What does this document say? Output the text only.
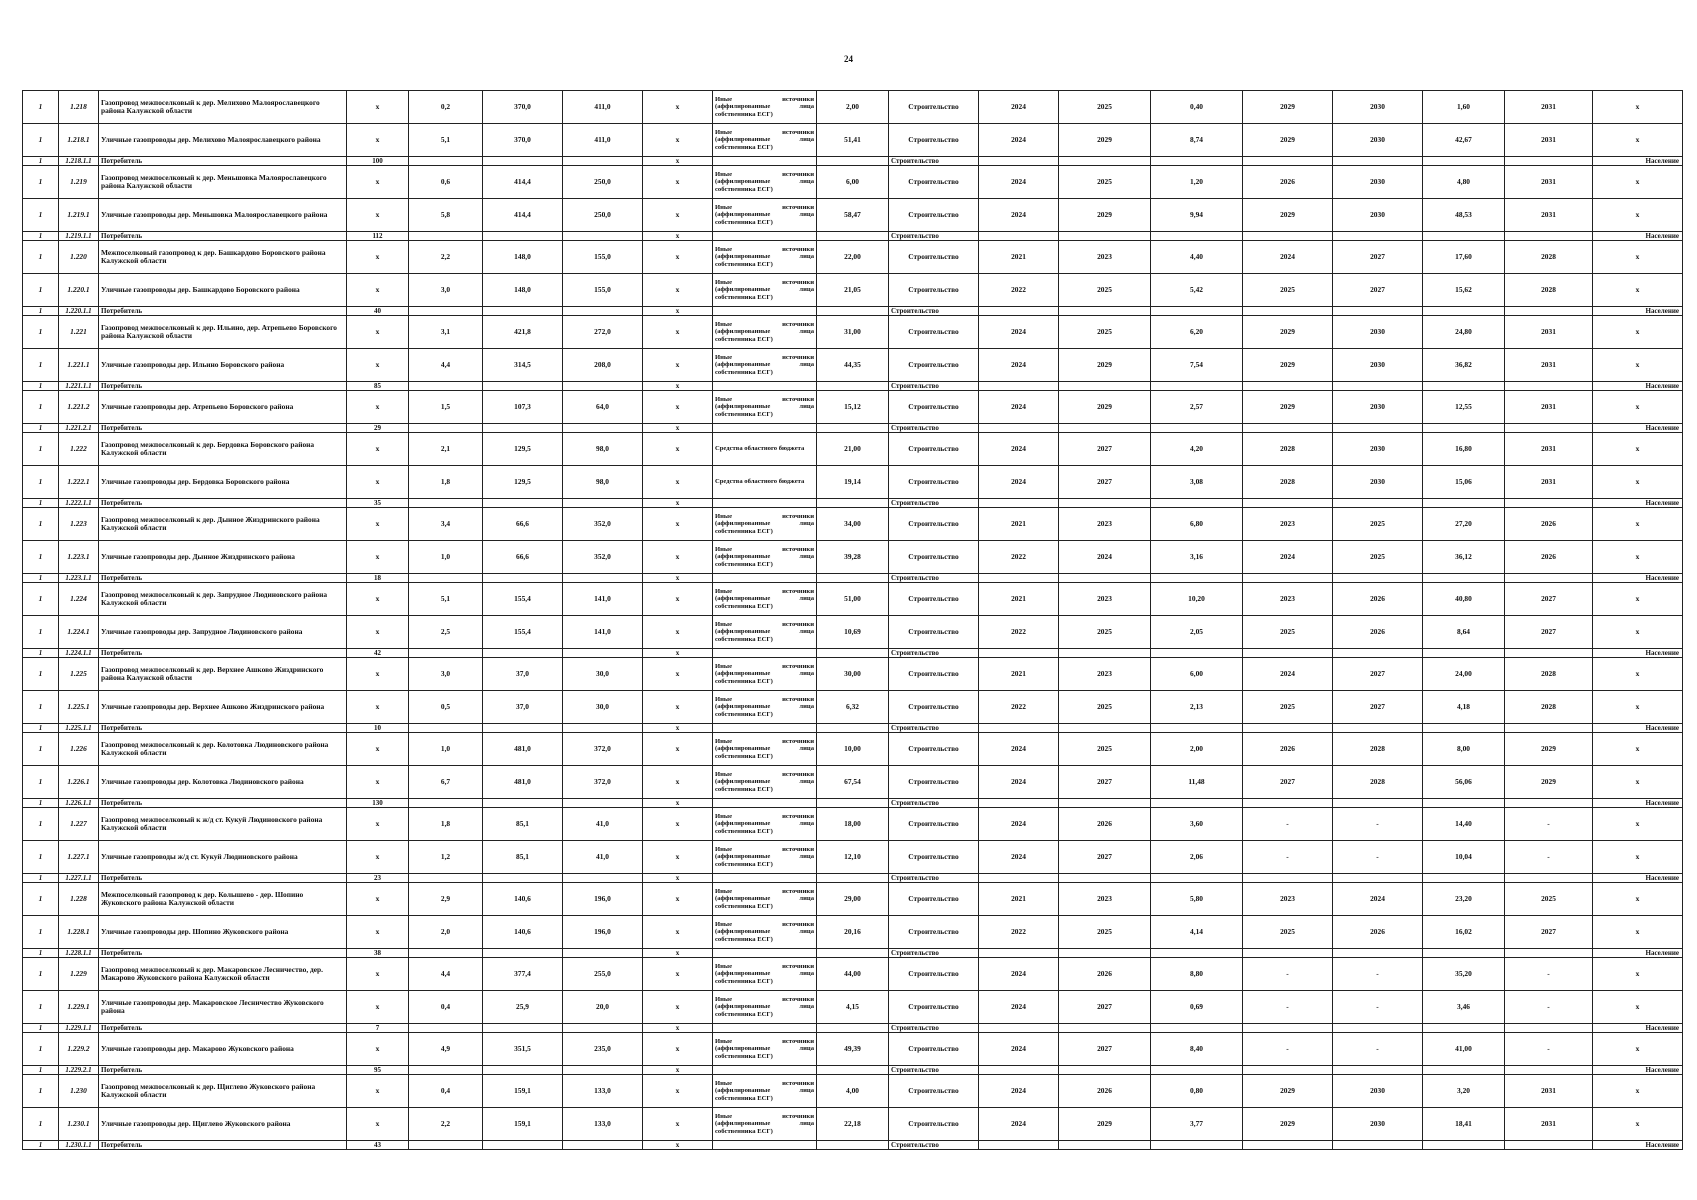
24
1	1.218	Газопровод межпоселковый к дер. Мелихово Малоярославецкого района Калужской области	x	0,2	370,0	411,0	x	Иные источники (аффилированные лица собственника ЕСГ)	2,00	Строительство	2024	2025	0,40	2029	2030	1,60	2031	x
1	1.218.1	Уличные газопроводы дер. Мелихово Малоярославецкого района	x	5,1	370,0	411,0	x	Иные источники (аффилированные лица собственника ЕСГ)	51,41	Строительство	2024	2029	8,74	2029	2030	42,67	2031	x
1	1.218.1.1	Потребитель	100				x			Строительство								Население
1	1.219	Газопровод межпоселковый к дер. Меньшовка Малоярославецкого района Калужской области	x	0,6	414,4	250,0	x	Иные источники (аффилированные лица собственника ЕСГ)	6,00	Строительство	2024	2025	1,20	2026	2030	4,80	2031	x
1	1.219.1	Уличные газопроводы дер. Меньшовка Малоярославецкого района	x	5,8	414,4	250,0	x	Иные источники (аффилированные лица собственника ЕСГ)	58,47	Строительство	2024	2029	9,94	2029	2030	48,53	2031	x
1	1.219.1.1	Потребитель	112				x			Строительство								Население
1	1.220	Межпоселковый газопровод к дер. Башкардово Боровского района Калужской области	x	2,2	148,0	155,0	x	Иные источники (аффилированные лица собственника ЕСГ)	22,00	Строительство	2021	2023	4,40	2024	2027	17,60	2028	x
1	1.220.1	Уличные газопроводы дер. Башкардово Боровского района	x	3,0	148,0	155,0	x	Иные источники (аффилированные лица собственника ЕСГ)	21,05	Строительство	2022	2025	5,42	2025	2027	15,62	2028	x
1	1.220.1.1	Потребитель	40				x			Строительство								Население
1	1.221	Газопровод межпоселковый к дер. Ильино, дер. Атрепьево Боровского района Калужской области	x	3,1	421,8	272,0	x	Иные источники (аффилированные лица собственника ЕСГ)	31,00	Строительство	2024	2025	6,20	2029	2030	24,80	2031	x
1	1.221.1	Уличные газопроводы дер. Ильино Боровского района	x	4,4	314,5	208,0	x	Иные источники (аффилированные лица собственника ЕСГ)	44,35	Строительство	2024	2029	7,54	2029	2030	36,82	2031	x
1	1.221.1.1	Потребитель	85				x			Строительство								Население
1	1.221.2	Уличные газопроводы дер. Атрепьево Боровского района	x	1,5	107,3	64,0	x	Иные источники (аффилированные лица собственника ЕСГ)	15,12	Строительство	2024	2029	2,57	2029	2030	12,55	2031	x
1	1.221.2.1	Потребитель	29				x			Строительство								Население
1	1.222	Газопровод межпоселковый к дер. Бердовка Боровского района Калужской области	x	2,1	129,5	98,0	x	Средства областного бюджета	21,00	Строительство	2024	2027	4,20	2028	2030	16,80	2031	x
1	1.222.1	Уличные газопроводы дер. Бердовка Боровского района	x	1,8	129,5	98,0	x	Средства областного бюджета	19,14	Строительство	2024	2027	3,08	2028	2030	15,06	2031	x
1	1.222.1.1	Потребитель	35				x			Строительство								Население
1	1.223	Газопровод межпоселковый к дер. Дынное Жиздринского района Калужской области	x	3,4	66,6	352,0	x	Иные источники (аффилированные лица собственника ЕСГ)	34,00	Строительство	2021	2023	6,80	2023	2025	27,20	2026	x
1	1.223.1	Уличные газопроводы дер. Дынное Жиздринского района	x	1,0	66,6	352,0	x	Иные источники (аффилированные лица собственника ЕСГ)	39,28	Строительство	2022	2024	3,16	2024	2025	36,12	2026	x
1	1.223.1.1	Потребитель	18				x			Строительство								Население
1	1.224	Газопровод межпоселковый к дер. Запрудное Людиновского района Калужской области	x	5,1	155,4	141,0	x	Иные источники (аффилированные лица собственника ЕСГ)	51,00	Строительство	2021	2023	10,20	2023	2026	40,80	2027	x
1	1.224.1	Уличные газопроводы дер. Запрудное Людиновского района	x	2,5	155,4	141,0	x	Иные источники (аффилированные лица собственника ЕСГ)	10,69	Строительство	2022	2025	2,05	2025	2026	8,64	2027	x
1	1.224.1.1	Потребитель	42				x			Строительство								Население
1	1.225	Газопровод межпоселковый к дер. Верхнее Ашково Жиздринского района Калужской области	x	3,0	37,0	30,0	x	Иные источники (аффилированные лица собственника ЕСГ)	30,00	Строительство	2021	2023	6,00	2024	2027	24,00	2028	x
1	1.225.1	Уличные газопроводы дер. Верхнее Ашково Жиздринского района	x	0,5	37,0	30,0	x	Иные источники (аффилированные лица собственника ЕСГ)	6,32	Строительство	2022	2025	2,13	2025	2027	4,18	2028	x
1	1.225.1.1	Потребитель	10				x			Строительство								Население
1	1.226	Газопровод межпоселковый к дер. Колотовка Людиновского района Калужской области	x	1,0	481,0	372,0	x	Иные источники (аффилированные лица собственника ЕСГ)	10,00	Строительство	2024	2025	2,00	2026	2028	8,00	2029	x
1	1.226.1	Уличные газопроводы дер. Колотовка Людиновского района	x	6,7	481,0	372,0	x	Иные источники (аффилированные лица собственника ЕСГ)	67,54	Строительство	2024	2027	11,48	2027	2028	56,06	2029	x
1	1.226.1.1	Потребитель	130				x			Строительство								Население
1	1.227	Газопровод межпоселковый к ж/д ст. Кукуй Людиновского района Калужской области	x	1,8	85,1	41,0	x	Иные источники (аффилированные лица собственника ЕСГ)	18,00	Строительство	2024	2026	3,60	-	-	14,40	-	x
1	1.227.1	Уличные газопроводы ж/д ст. Кукуй Людиновского района	x	1,2	85,1	41,0	x	Иные источники (аффилированные лица собственника ЕСГ)	12,10	Строительство	2024	2027	2,06	-	-	10,04	-	x
1	1.227.1.1	Потребитель	23				x			Строительство								Население
1	1.228	Межпоселковый газопровод к дер. Колышево - дер. Шопино Жуковского района Калужской области	x	2,9	140,6	196,0	x	Иные источники (аффилированные лица собственника ЕСГ)	29,00	Строительство	2021	2023	5,80	2023	2024	23,20	2025	x
1	1.228.1	Уличные газопроводы дер. Шопино Жуковского района	x	2,0	140,6	196,0	x	Иные источники (аффилированные лица собственника ЕСГ)	20,16	Строительство	2022	2025	4,14	2025	2026	16,02	2027	x
1	1.228.1.1	Потребитель	38				x			Строительство								Население
1	1.229	Газопровод межпоселковый к дер. Макаровское Лесничество, дер. Макарово Жуковского района Калужской области	x	4,4	377,4	255,0	x	Иные источники (аффилированные лица собственника ЕСГ)	44,00	Строительство	2024	2026	8,80	-	-	35,20	-	x
1	1.229.1	Уличные газопроводы дер. Макаровское Лесничество Жуковского района	x	0,4	25,9	20,0	x	Иные источники (аффилированные лица собственника ЕСГ)	4,15	Строительство	2024	2027	0,69	-	-	3,46	-	x
1	1.229.1.1	Потребитель	7				x			Строительство								Население
1	1.229.2	Уличные газопроводы дер. Макарово Жуковского района	x	4,9	351,5	235,0	x	Иные источники (аффилированные лица собственника ЕСГ)	49,39	Строительство	2024	2027	8,40	-	-	41,00	-	x
1	1.229.2.1	Потребитель	95				x			Строительство								Население
1	1.230	Газопровод межпоселковый к дер. Щиглево Жуковского района Калужской области	x	0,4	159,1	133,0	x	Иные источники (аффилированные лица собственника ЕСГ)	4,00	Строительство	2024	2026	0,80	2029	2030	3,20	2031	x
1	1.230.1	Уличные газопроводы дер. Щиглево Жуковского района	x	2,2	159,1	133,0	x	Иные источники (аффилированные лица собственника ЕСГ)	22,18	Строительство	2024	2029	3,77	2029	2030	18,41	2031	x
1	1.230.1.1	Потребитель	43				x			Строительство								Население
